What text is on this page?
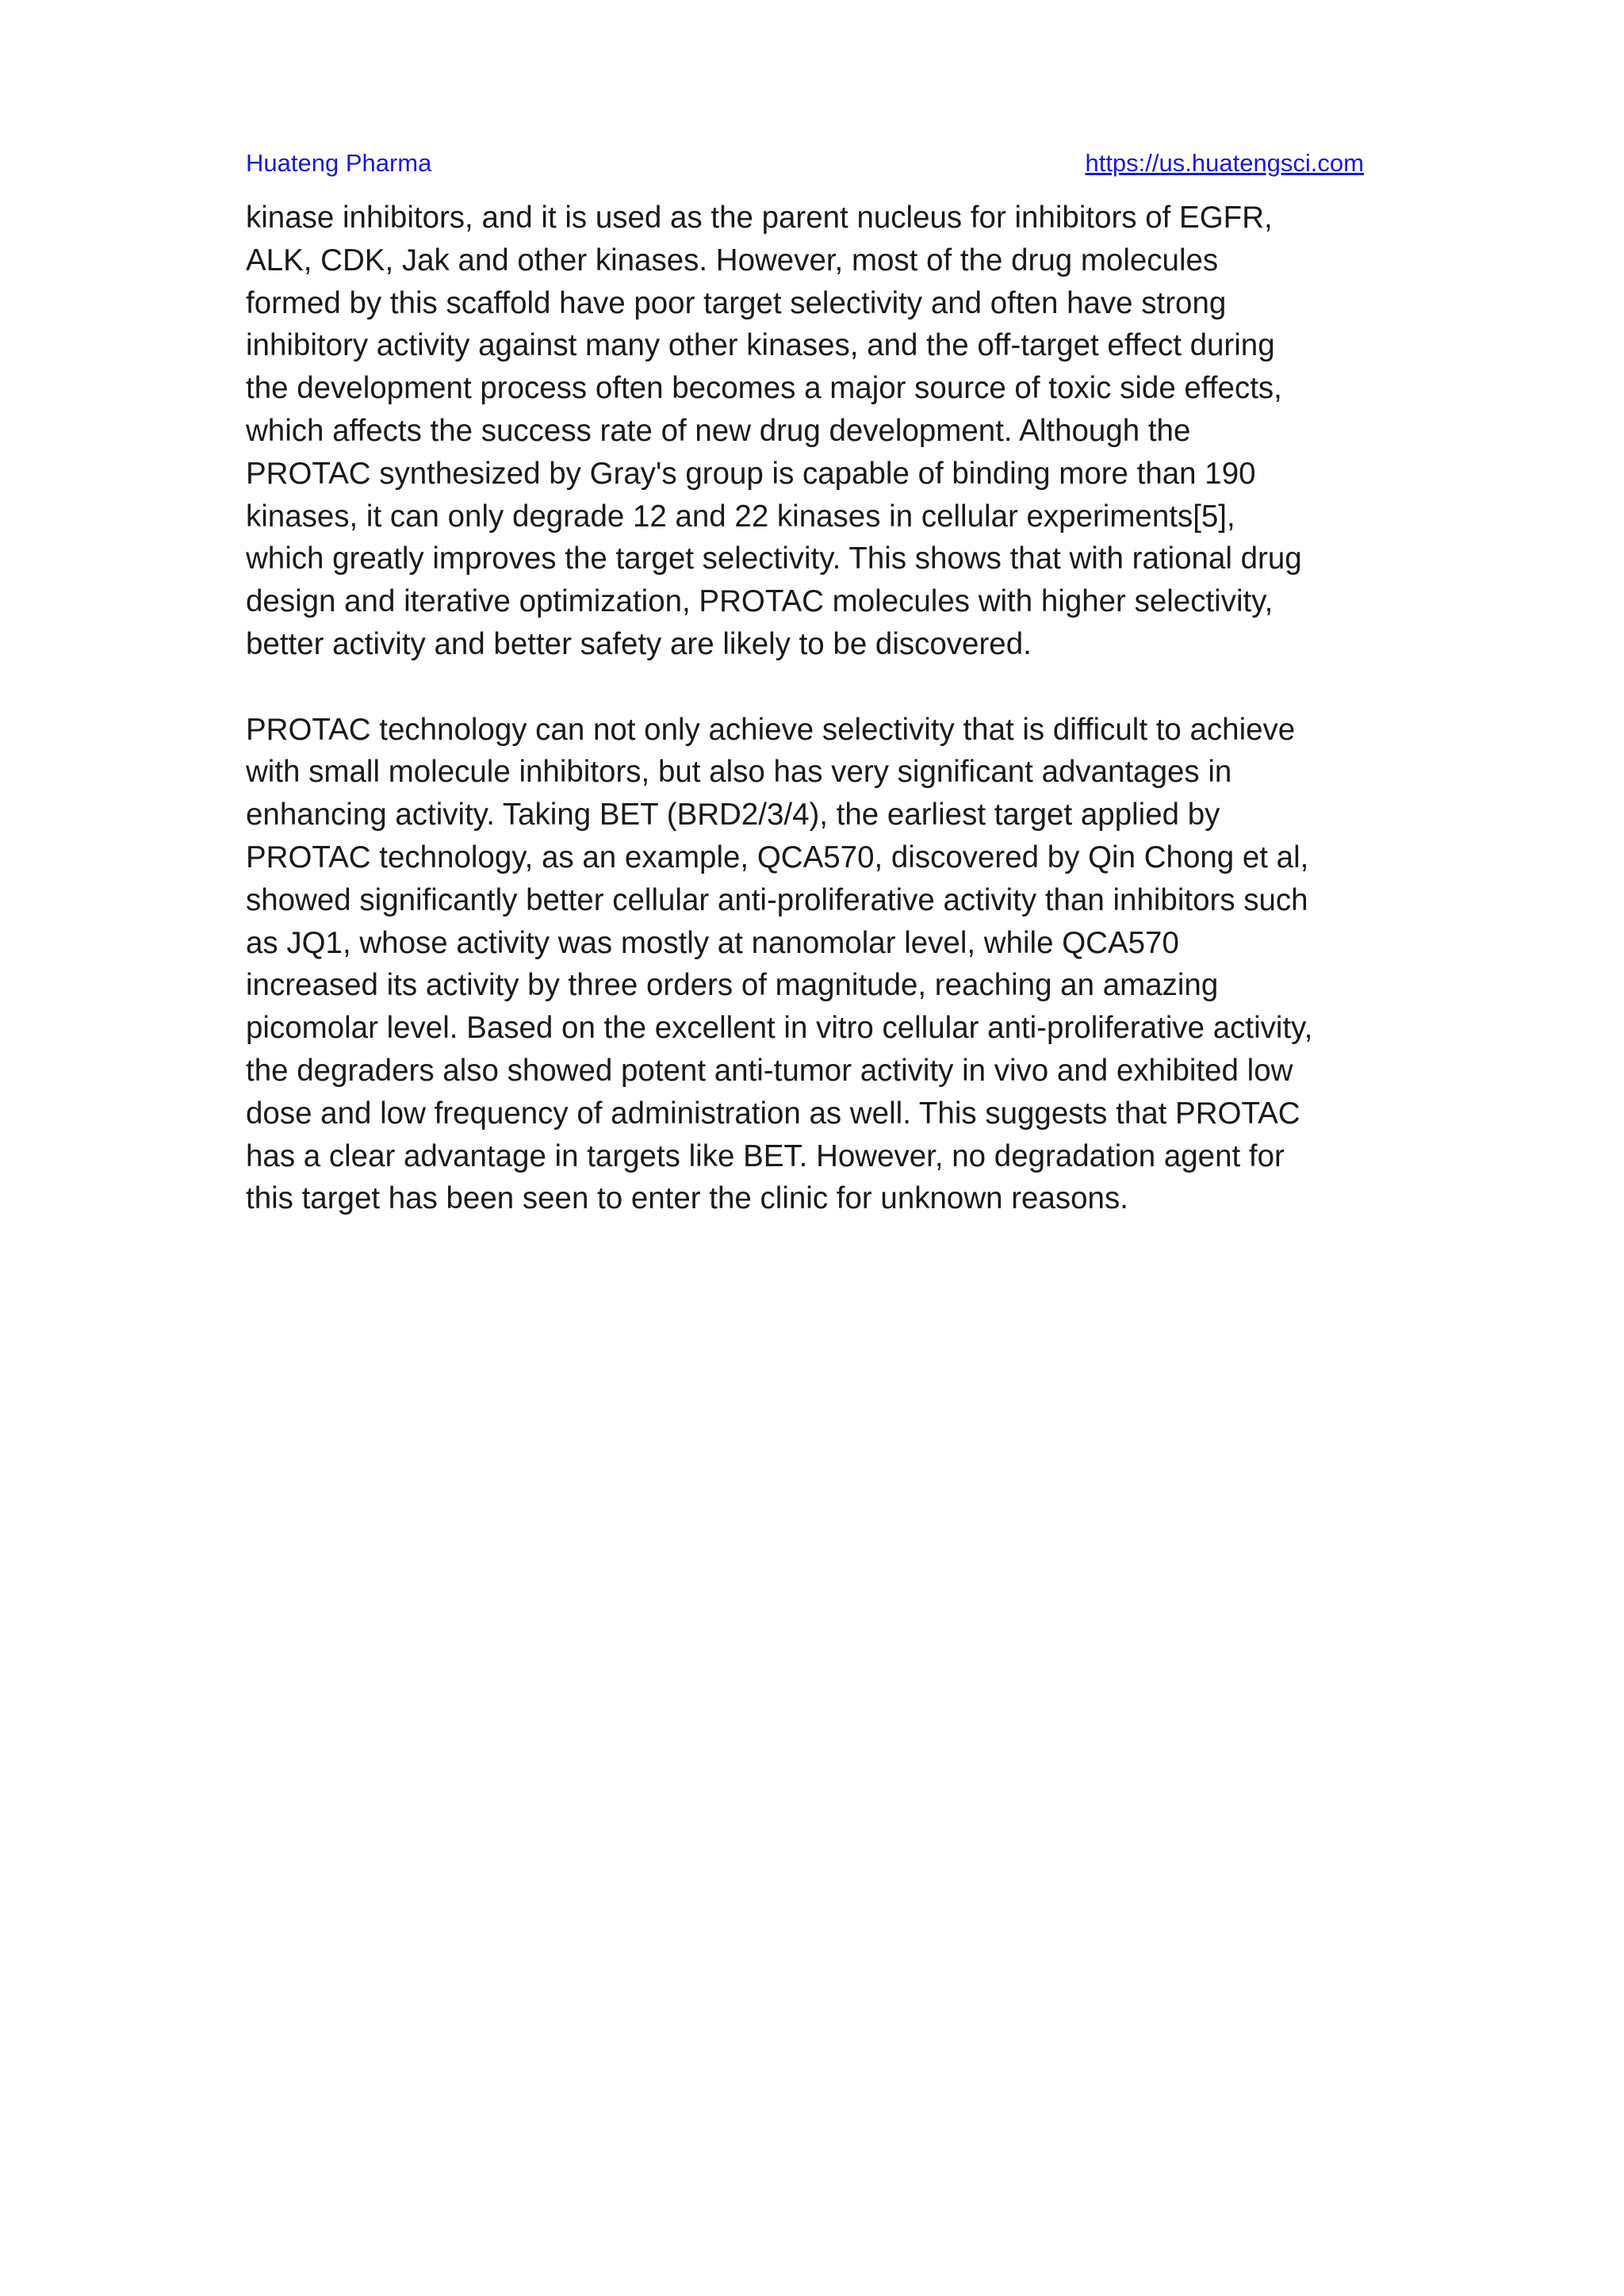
Huateng Pharma	https://us.huatengsci.com

kinase inhibitors, and it is used as the parent nucleus for inhibitors of EGFR,
ALK, CDK, Jak and other kinases. However, most of the drug molecules
formed by this scaffold have poor target selectivity and often have strong
inhibitory activity against many other kinases, and the off-target effect during
the development process often becomes a major source of toxic side effects,
which affects the success rate of new drug development. Although the
PROTAC synthesized by Gray's group is capable of binding more than 190
kinases, it can only degrade 12 and 22 kinases in cellular experiments[5],
which greatly improves the target selectivity. This shows that with rational drug
design and iterative optimization, PROTAC molecules with higher selectivity,
better activity and better safety are likely to be discovered.

PROTAC technology can not only achieve selectivity that is difficult to achieve
with small molecule inhibitors, but also has very significant advantages in
enhancing activity. Taking BET (BRD2/3/4), the earliest target applied by
PROTAC technology, as an example, QCA570, discovered by Qin Chong et al,
showed significantly better cellular anti-proliferative activity than inhibitors such
as JQ1, whose activity was mostly at nanomolar level, while QCA570
increased its activity by three orders of magnitude, reaching an amazing
picomolar level. Based on the excellent in vitro cellular anti-proliferative activity,
the degraders also showed potent anti-tumor activity in vivo and exhibited low
dose and low frequency of administration as well. This suggests that PROTAC
has a clear advantage in targets like BET. However, no degradation agent for
this target has been seen to enter the clinic for unknown reasons.
